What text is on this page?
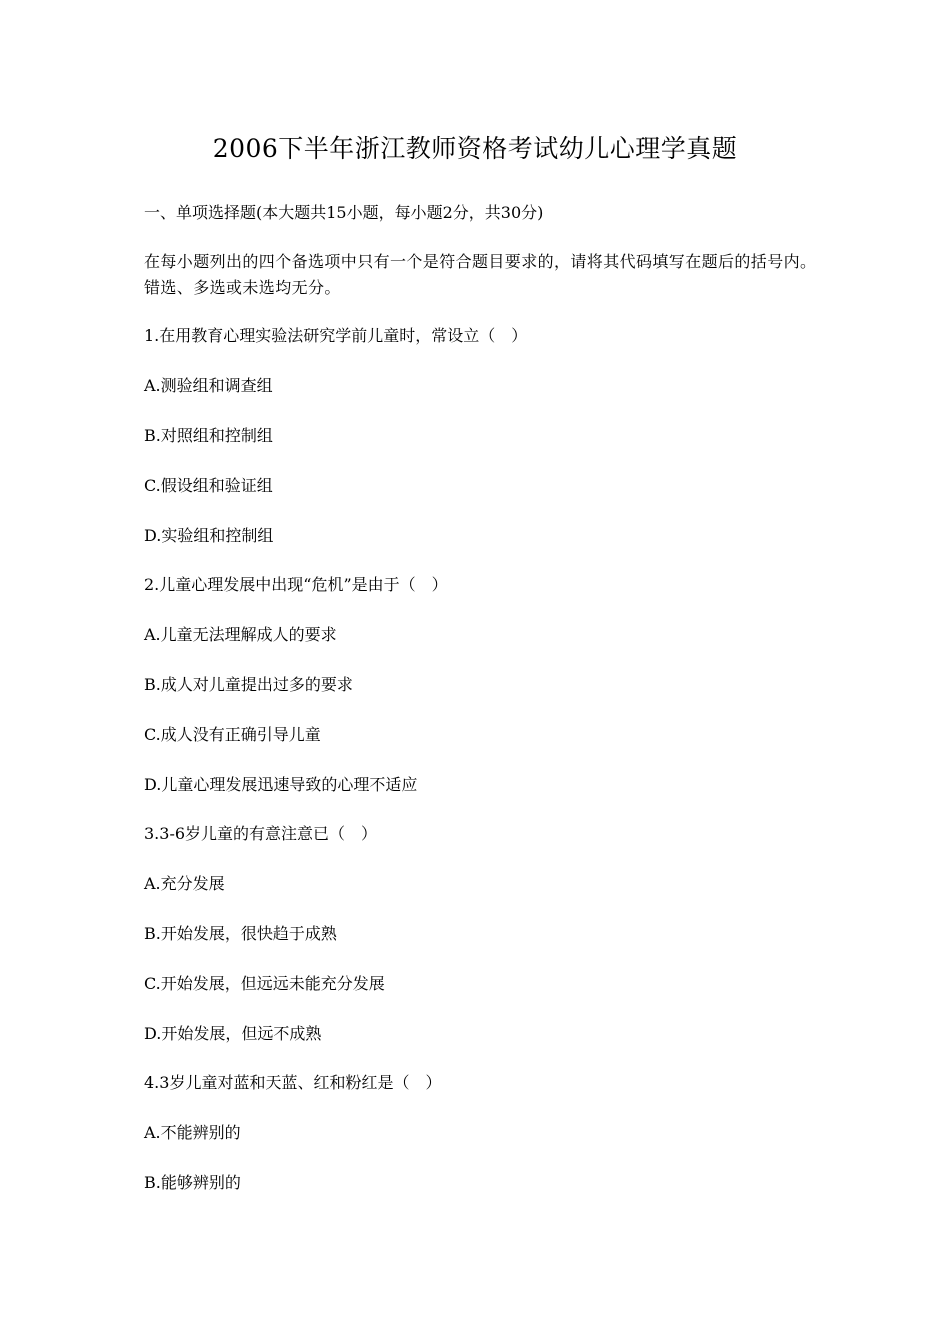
2006下半年浙江教师资格考试幼儿心理学真题

一、单项选择题(本大题共15小题，每小题2分，共30分)

在每小题列出的四个备选项中只有一个是符合题目要求的，请将其代码填写在题后的括号内。错选、多选或未选均无分。

1.在用教育心理实验法研究学前儿童时，常设立（　）

A.测验组和调查组

B.对照组和控制组

C.假设组和验证组

D.实验组和控制组

2.儿童心理发展中出现“危机”是由于（　）

A.儿童无法理解成人的要求

B.成人对儿童提出过多的要求

C.成人没有正确引导儿童

D.儿童心理发展迅速导致的心理不适应

3.3-6岁儿童的有意注意已（　）

A.充分发展

B.开始发展，很快趋于成熟

C.开始发展，但远远未能充分发展

D.开始发展，但远不成熟

4.3岁儿童对蓝和天蓝、红和粉红是（　）

A.不能辨别的

B.能够辨别的
